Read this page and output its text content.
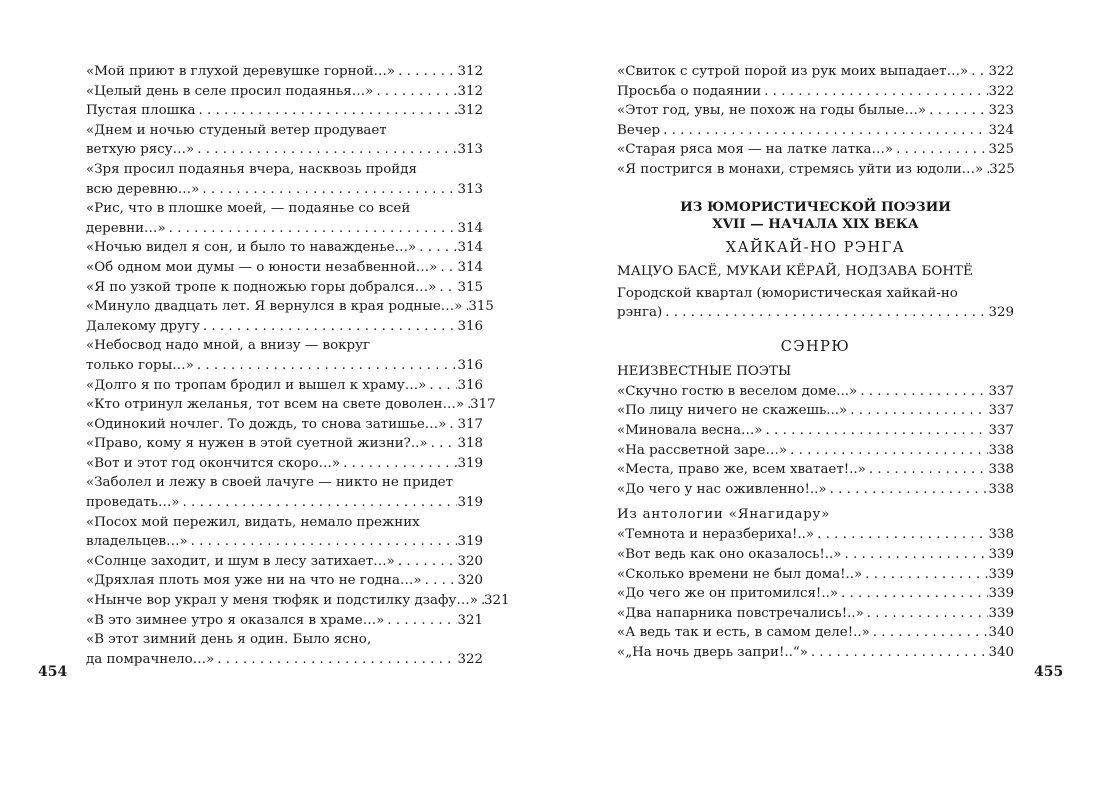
«Мой приют в глухой деревушке горной…» . . .	312
«Целый день в селе просил подаянья…» . . .	312
Пустая плошка . . .	312
«Днем и ночью студеный ветер продувает
ветхую рясу…» . . .	313
«Зря просил подаянья вчера, насквозь пройдя
всю деревню…» . . .	313
«Рис, что в плошке моей, — подаянье со всей
деревни…» . . .	314
«Ночью видел я сон, и было то наважденье…» . . .	314
«Об одном мои думы — о юности незабвенной…» . . . 314
«Я по узкой тропе к подножью горы добрался…» . . . 315
«Минуло двадцать лет. Я вернулся в края родные…» . . . 315
Далекому другу . . .	316
«Небосвод надо мной, а внизу — вокруг
только горы…» . . .	316
«Долго я по тропам бродил и вышел к храму…» . . . 316
«Кто отринул желанья, тот всем на свете доволен…» . . . 317
«Одинокий ночлег. То дождь, то снова затишье…» . . . 317
«Право, кому я нужен в этой суетной жизни?..» . . . 318
«Вот и этот год окончится скоро…» . . .	319
«Заболел и лежу в своей лачуге — никто не придет
проведать…» . . .	319
«Посох мой пережил, видать, немало прежних
владельцев…» . . .	319
«Солнце заходит, и шум в лесу затихает…» . . .	320
«Дряхлая плоть моя уже ни на что не годна…» . . .	320
«Нынче вор украл у меня тюфяк и подстилку дзафу…» . . . 321
«В это зимнее утро я оказался в храме…» . . .	321
«В этот зимний день я один. Было ясно,
да помрачнело…» . . .	322
454
«Свиток с сутрой порой из рук моих выпадает…» . . . 322
Просьба о подаянии . . .	322
«Этот год, увы, не похож на годы былые…» . . .	323
Вечер . . .	324
«Старая ряса моя — на латке латка…» . . .	325
«Я постригся в монахи, стремясь уйти из юдоли…» . . . 325

ИЗ ЮМОРИСТИЧЕСКОЙ ПОЭЗИИ

XVII — НАЧАЛА XIX ВЕКА

ХАЙКАЙ-НО РЭНГА

МАЦУО БАСЁ, МУКАИ КЁРАЙ, НОДЗАВА БОНТЁ

Городской квартал (юмористическая хайкай-но
рэнга) . . .	329

СЭНРЮ

НЕИЗВЕСТНЫЕ ПОЭТЫ

«Скучно гостю в веселом доме...» . . .	337
«По лицу ничего не скажешь...» . . .	337
«Миновала весна…» . . .	337
«На рассветной заре…» . . .	338
«Места, право же, всем хватает!..» . . .	338
«До чего у нас оживленно!..» . . .	338

Из антологии «Янагидару»

«Темнота и неразбериха!..» . . .	338
«Вот ведь как оно оказалось!..» . . .	339
«Сколько времени не был дома!..» . . .	339
«До чего же он притомился!..» . . .	339
«Два напарника повстречались!..» . . .	339
«А ведь так и есть, в самом деле!..» . . .	340
«„На ночь дверь запри!..“» . . .	340
455
